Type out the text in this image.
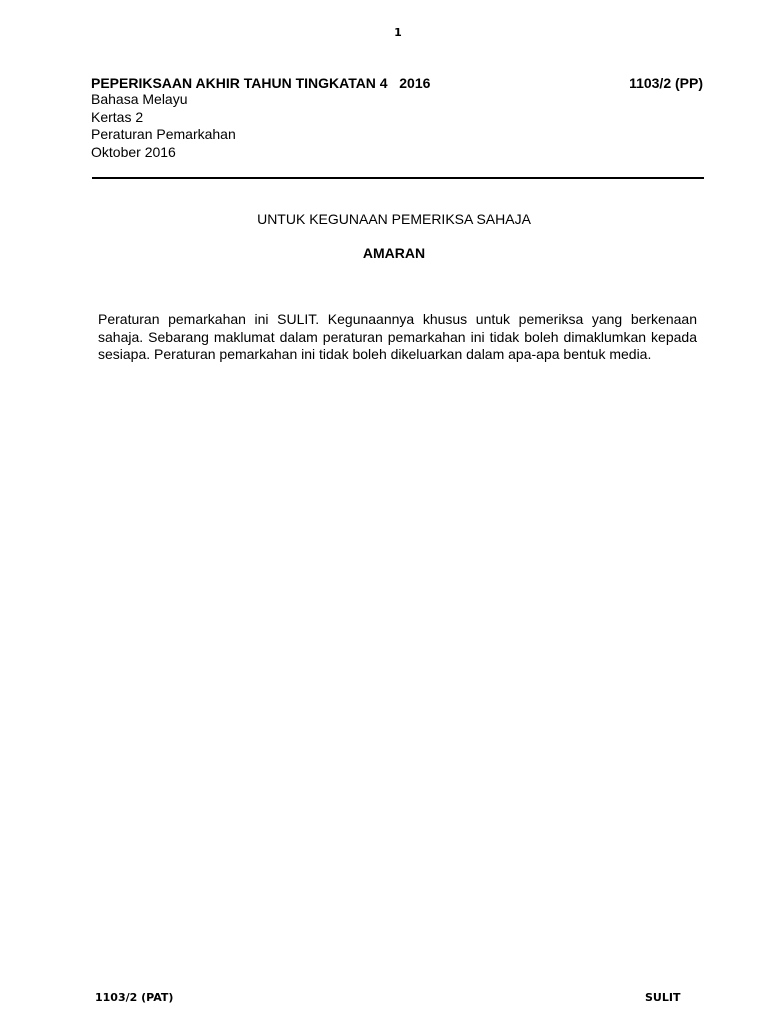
1
PEPERIKSAAN AKHIR TAHUN TINGKATAN 4   2016	1103/2 (PP)
Bahasa Melayu
Kertas 2
Peraturan Pemarkahan
Oktober 2016
UNTUK KEGUNAAN PEMERIKSA SAHAJA
AMARAN
Peraturan pemarkahan ini SULIT. Kegunaannya khusus untuk pemeriksa yang berkenaan sahaja. Sebarang maklumat dalam peraturan pemarkahan ini tidak boleh dimaklumkan kepada sesiapa. Peraturan pemarkahan ini tidak boleh dikeluarkan dalam apa-apa bentuk media.
1103/2 (PAT)	SULIT
